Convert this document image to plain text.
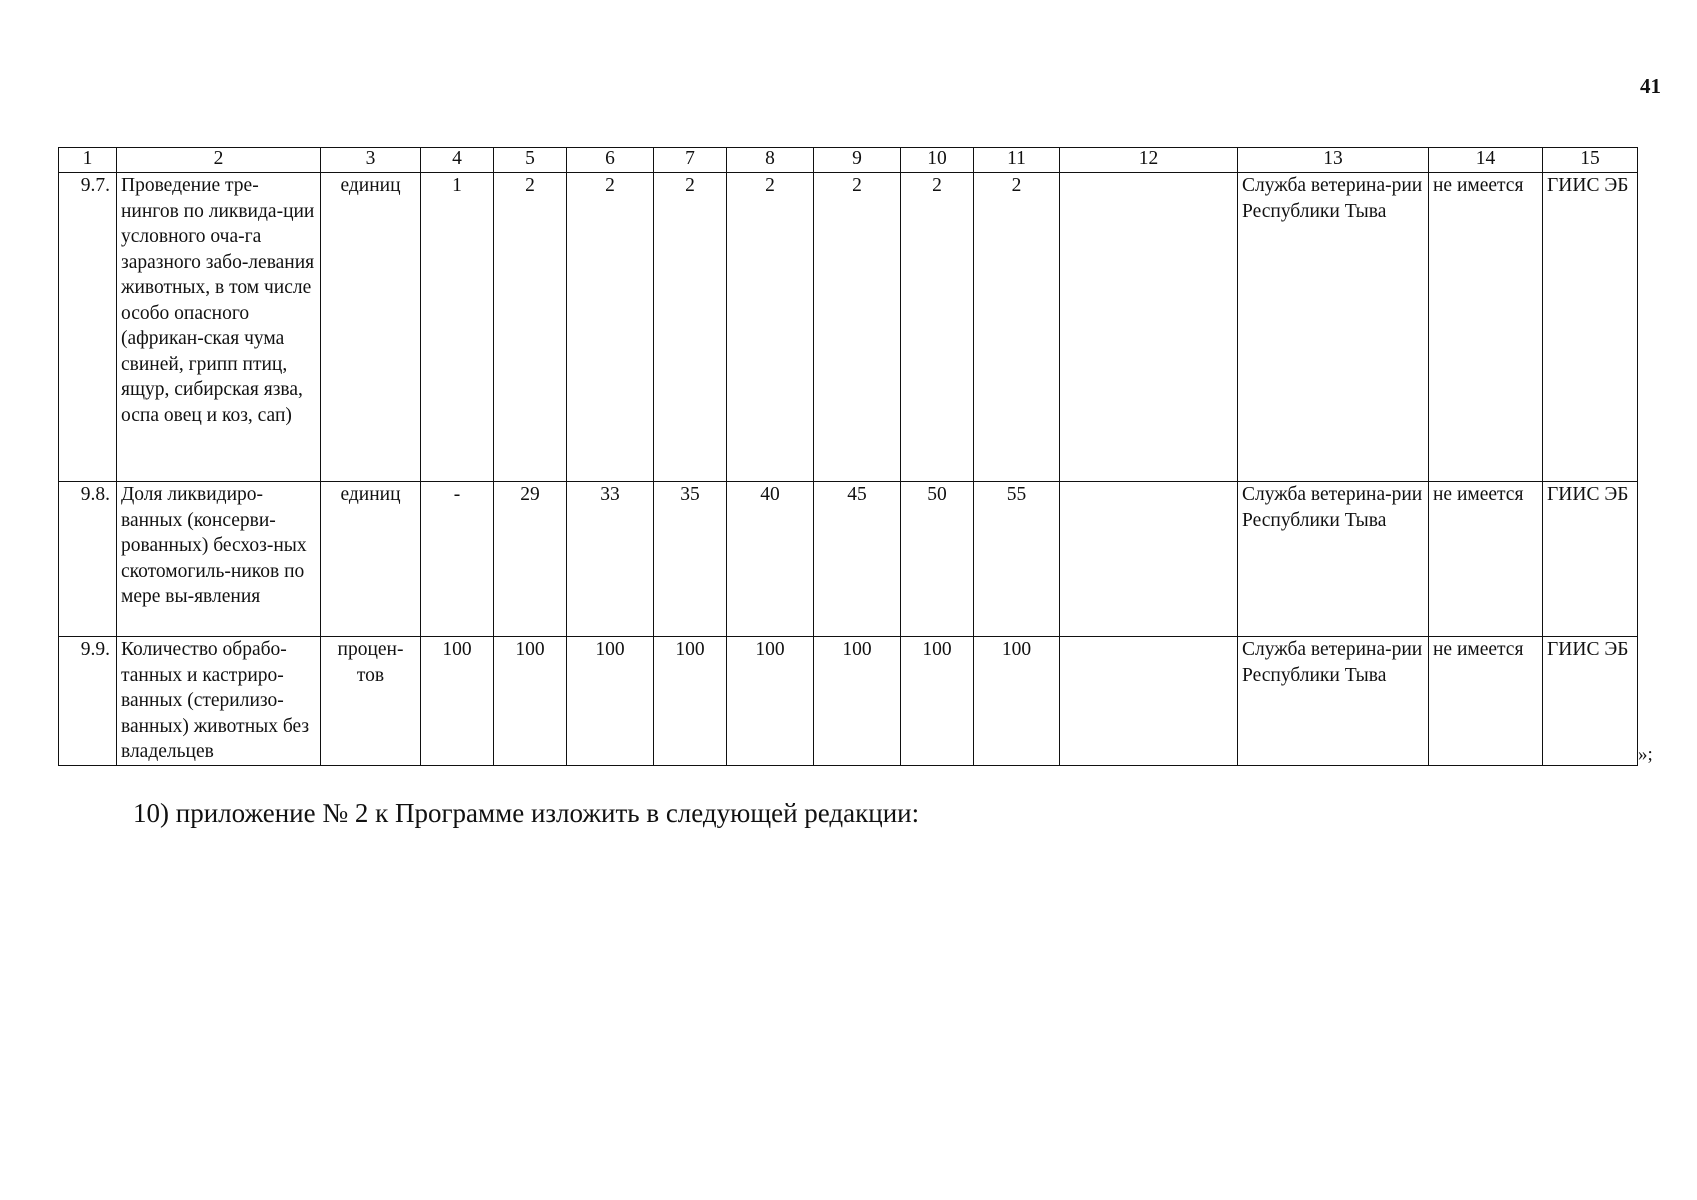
41
1	2	3	4	5	6	7	8	9	10	11	12	13	14	15
9.7.	Проведение тре-нингов по ликвида-ции условного оча-га заразного забо-левания животных, в том числе особо опасного (африкан-ская чума свиней, грипп птиц, ящур, сибирская язва, оспа овец и коз, сап)	единиц	1	2	2	2	2	2	2	2		Служба ветерина-рии Республики Тыва	не имеется	ГИИС ЭБ
9.8.	Доля ликвидиро-ванных (консерви-рованных) бесхоз-ных скотомогиль-ников по мере вы-явления	единиц	-	29	33	35	40	45	50	55		Служба ветерина-рии Республики Тыва	не имеется	ГИИС ЭБ
9.9.	Количество обрабо-танных и кастриро-ванных (стерилизо-ванных) животных без владельцев	процен-тов	100	100	100	100	100	100	100	100		Служба ветерина-рии Республики Тыва	не имеется	ГИИС ЭБ
»;
10) приложение № 2 к Программе изложить в следующей редакции:
